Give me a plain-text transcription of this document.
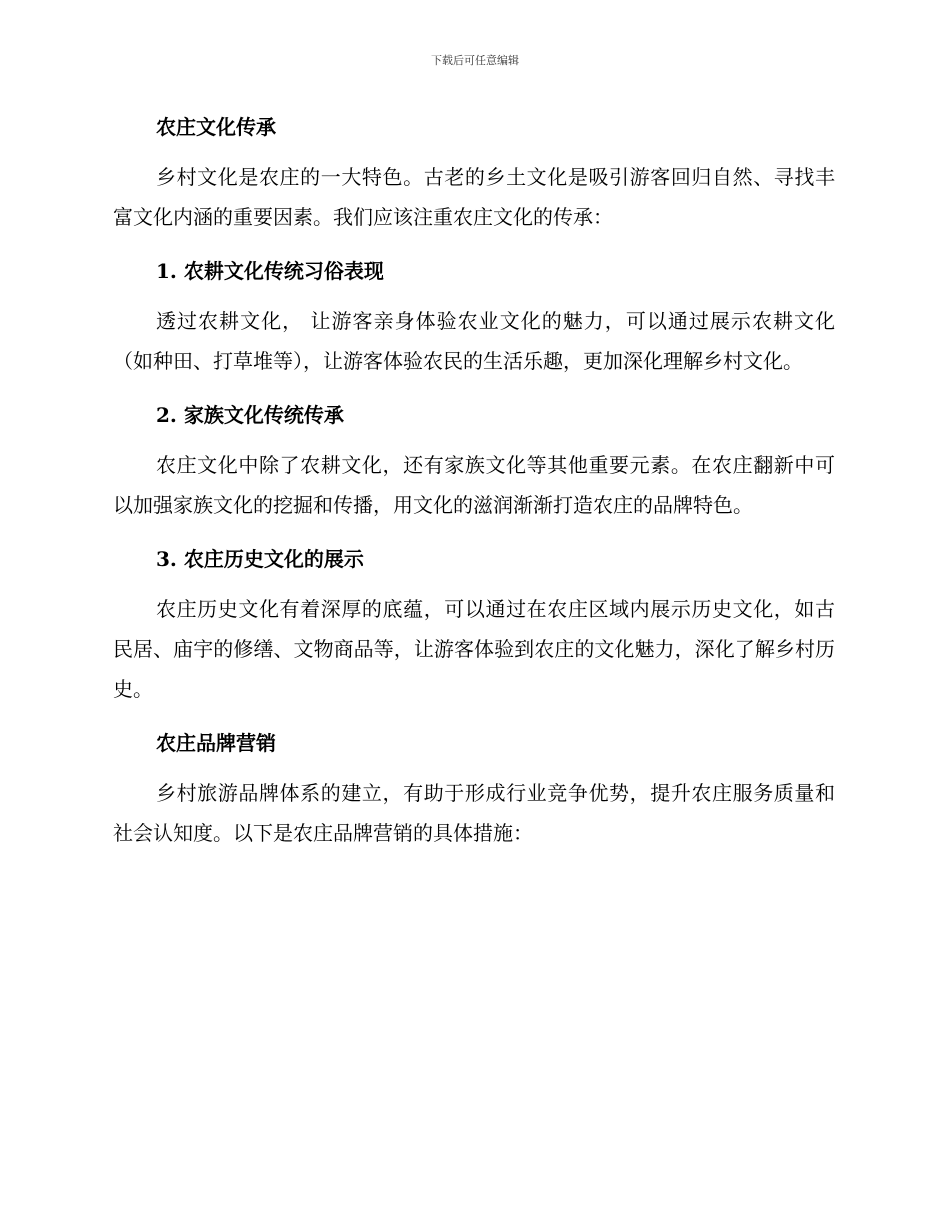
下载后可任意编辑
农庄文化传承

乡村文化是农庄的一大特色。古老的乡土文化是吸引游客回归自然、寻找丰富文化内涵的重要因素。我们应该注重农庄文化的传承：

1. 农耕文化传统习俗表现

透过农耕文化， 让游客亲身体验农业文化的魅力，可以通过展示农耕文化（如种田、打草堆等），让游客体验农民的生活乐趣，更加深化理解乡村文化。

2. 家族文化传统传承

农庄文化中除了农耕文化，还有家族文化等其他重要元素。在农庄翻新中可以加强家族文化的挖掘和传播，用文化的滋润渐渐打造农庄的品牌特色。

3. 农庄历史文化的展示

农庄历史文化有着深厚的底蕴，可以通过在农庄区域内展示历史文化，如古民居、庙宇的修缮、文物商品等，让游客体验到农庄的文化魅力，深化了解乡村历史。

农庄品牌营销

乡村旅游品牌体系的建立，有助于形成行业竞争优势，提升农庄服务质量和社会认知度。以下是农庄品牌营销的具体措施：
